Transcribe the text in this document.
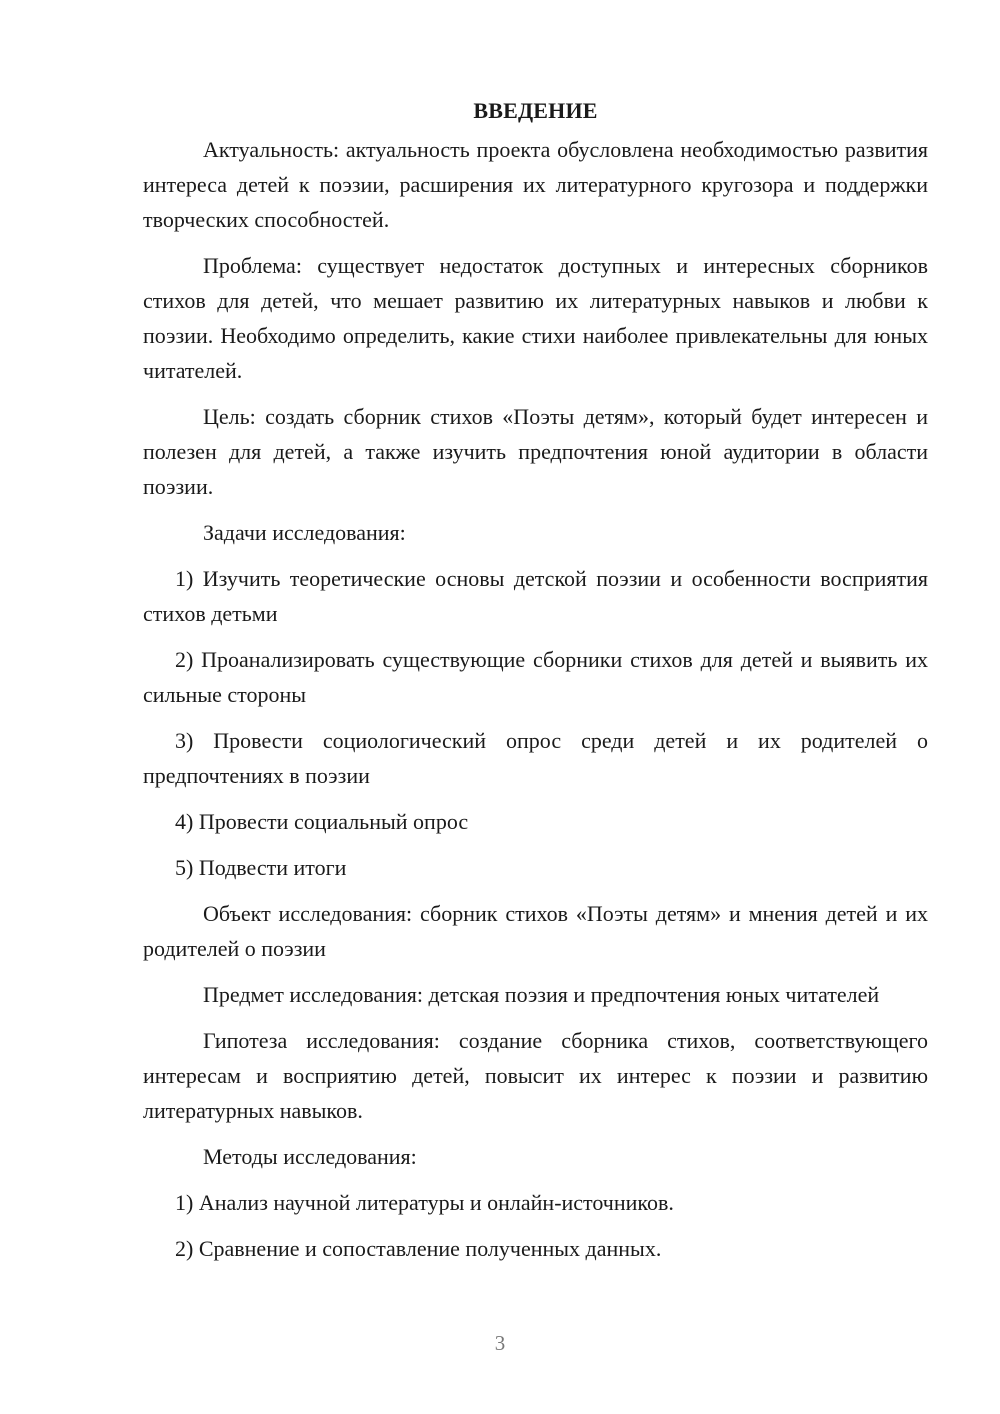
ВВЕДЕНИЕ

Актуальность: актуальность проекта обусловлена необходимостью развития интереса детей к поэзии, расширения их литературного кругозора и поддержки творческих способностей.

Проблема: существует недостаток доступных и интересных сборников стихов для детей, что мешает развитию их литературных навыков и любви к поэзии. Необходимо определить, какие стихи наиболее привлекательны для юных читателей.

Цель: создать сборник стихов «Поэты детям», который будет интересен и полезен для детей, а также изучить предпочтения юной аудитории в области поэзии.

Задачи исследования:

1) Изучить теоретические основы детской поэзии и особенности восприятия стихов детьми

2) Проанализировать существующие сборники стихов для детей и выявить их сильные стороны

3) Провести социологический опрос среди детей и их родителей о предпочтениях в поэзии

4) Провести социальный опрос

5) Подвести итоги

Объект исследования: сборник стихов «Поэты детям» и мнения детей и их родителей о поэзии

Предмет исследования: детская поэзия и предпочтения юных читателей

Гипотеза исследования: создание сборника стихов, соответствующего интересам и восприятию детей, повысит их интерес к поэзии и развитию литературных навыков.

Методы исследования:

1) Анализ научной литературы и онлайн-источников.

2) Сравнение и сопоставление полученных данных.

3
